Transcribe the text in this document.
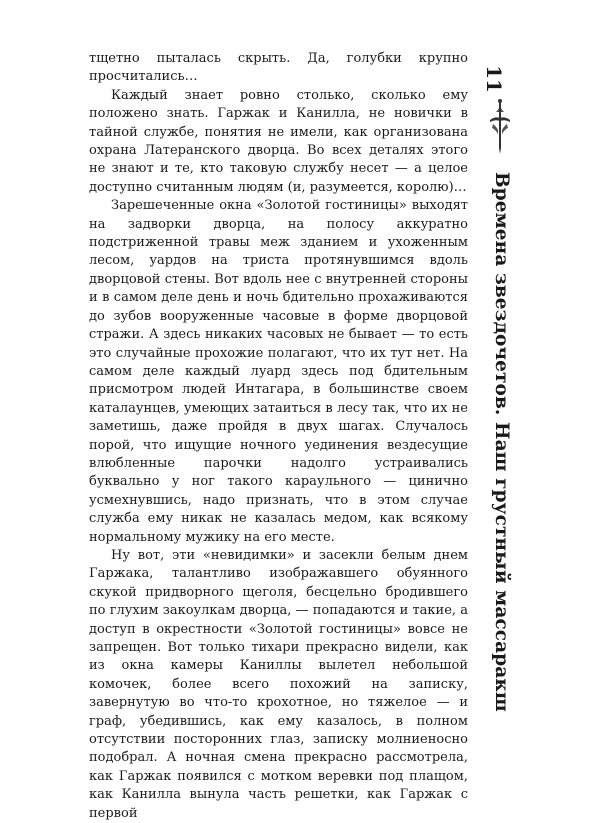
тщетно пыталась скрыть. Да, голубки крупно просчитались…

Каждый знает ровно столько, сколько ему положено знать. Гаржак и Канилла, не новички в тайной службе, понятия не имели, как организована охрана Латеранского дворца. Во всех деталях этого не знают и те, кто таковую службу несет — а целое доступно считанным людям (и, разумеется, королю)…

Зарешеченные окна «Золотой гостиницы» выходят на задворки дворца, на полосу аккуратно подстриженной травы меж зданием и ухоженным лесом, уардов на триста протянувшимся вдоль дворцовой стены. Вот вдоль нее с внутренней стороны и в самом деле день и ночь бдительно прохаживаются до зубов вооруженные часовые в форме дворцовой стражи. А здесь никаких часовых не бывает — то есть это случайные прохожие полагают, что их тут нет. На самом деле каждый луард здесь под бдительным присмотром людей Интагара, в большинстве своем каталаунцев, умеющих затаиться в лесу так, что их не заметишь, даже пройдя в двух шагах. Случалось порой, что ищущие ночного уединения вездесущие влюбленные парочки надолго устраивались буквально у ног такого караульного — цинично усмехнувшись, надо признать, что в этом случае служба ему никак не казалась медом, как всякому нормальному мужику на его месте.

Ну вот, эти «невидимки» и засекли белым днем Гаржака, талантливо изображавшего обуянного скукой придворного щеголя, бесцельно бродившего по глухим закоулкам дворца, — попадаются и такие, а доступ в окрестности «Золотой гостиницы» вовсе не запрещен. Вот только тихари прекрасно видели, как из окна камеры Каниллы вылетел небольшой комочек, более всего похожий на записку, завернутую во что-то крохотное, но тяжелое — и граф, убедившись, как ему казалось, в полном отсутствии посторонних глаз, записку молниеносно подобрал. А ночная смена прекрасно рассмотрела, как Гаржак появился с мотком веревки под плащом, как Канилла вынула часть решетки, как Гаржак с первой

11
Времена звездочетов. Наш грустный массаракш
